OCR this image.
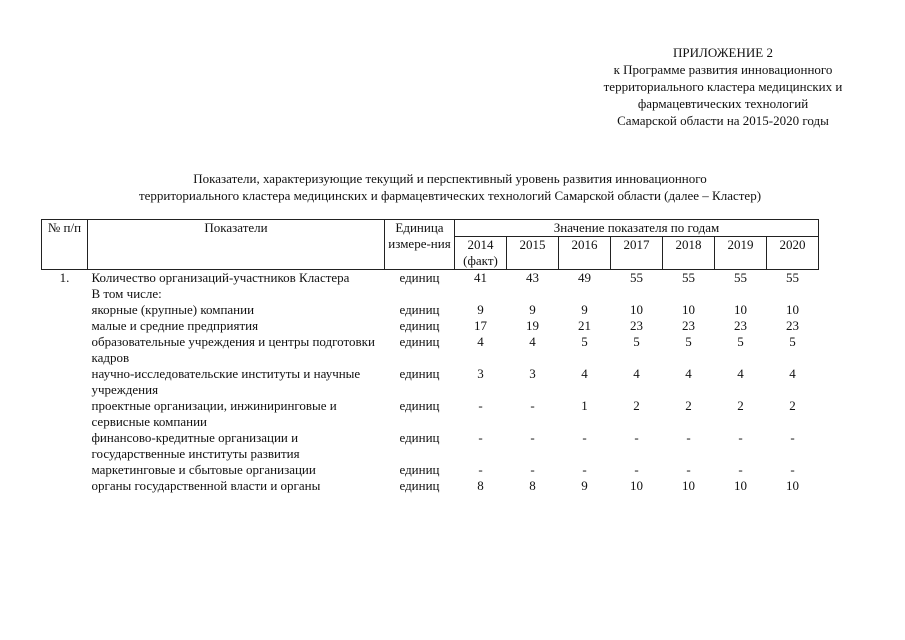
ПРИЛОЖЕНИЕ 2
к Программе развития инновационного
территориального кластера медицинских и
фармацевтических технологий
Самарской области на 2015-2020 годы
Показатели, характеризующие текущий и перспективный уровень развития инновационного
территориального кластера медицинских и фармацевтических технологий Самарской области (далее – Кластер)
№ п/п	Показатели	Единица измере-ния	Значение показателя по годам						
			2014 (факт)	2015	2016	2017	2018	2019	2020
1.	Количество организаций-участников Кластера	единиц	41	43	49	55	55	55	55
	В том числе:								
	якорные (крупные) компании	единиц	9	9	9	10	10	10	10
	малые и средние предприятия	единиц	17	19	21	23	23	23	23
	образовательные учреждения и центры подготовки кадров	единиц	4	4	5	5	5	5	5
	научно-исследовательские институты и научные учреждения	единиц	3	3	4	4	4	4	4
	проектные организации, инжиниринговые и сервисные компании	единиц	-	-	1	2	2	2	2
	финансово-кредитные организации и государственные институты развития	единиц	-	-	-	-	-	-	-
	маркетинговые и сбытовые организации	единиц	-	-	-	-	-	-	-
	органы государственной власти и органы	единиц	8	8	9	10	10	10	10
